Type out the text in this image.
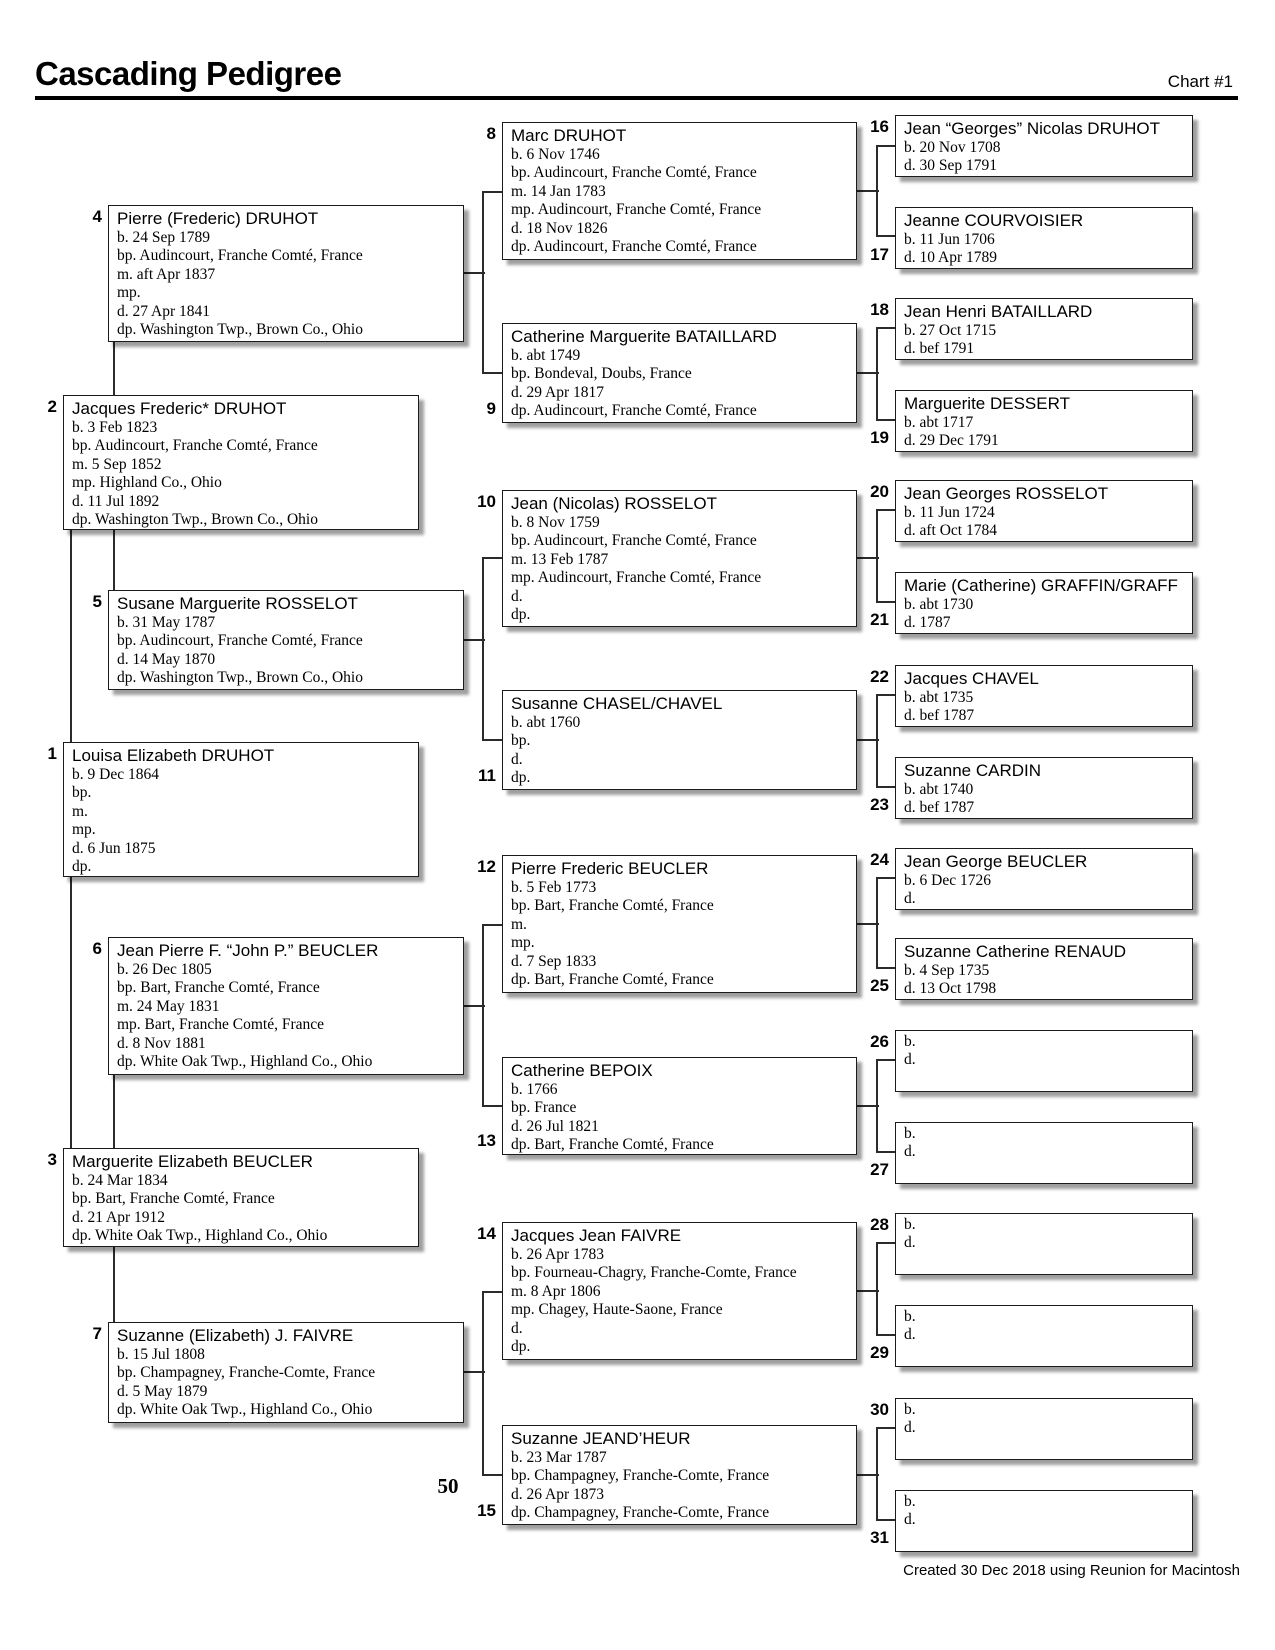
Cascading Pedigree	Chart #1
1 Louisa Elizabeth DRUHOT
b. 9 Dec 1864
bp.
m.
mp.
d. 6 Jun 1875
dp.
2 Jacques Frederic* DRUHOT
b. 3 Feb 1823
bp. Audincourt, Franche Comté, France
m. 5 Sep 1852
mp. Highland Co., Ohio
d. 11 Jul 1892
dp. Washington Twp., Brown Co., Ohio
3 Marguerite Elizabeth BEUCLER
b. 24 Mar 1834
bp. Bart, Franche Comté, France
d. 21 Apr 1912
dp. White Oak Twp., Highland Co., Ohio
4 Pierre (Frederic) DRUHOT
b. 24 Sep 1789
bp. Audincourt, Franche Comté, France
m. aft Apr 1837
mp.
d. 27 Apr 1841
dp. Washington Twp., Brown Co., Ohio
5 Susane Marguerite ROSSELOT
b. 31 May 1787
bp. Audincourt, Franche Comté, France
d. 14 May 1870
dp. Washington Twp., Brown Co., Ohio
6 Jean Pierre F. “John P.” BEUCLER
b. 26 Dec 1805
bp. Bart, Franche Comté, France
m. 24 May 1831
mp. Bart, Franche Comté, France
d. 8 Nov 1881
dp. White Oak Twp., Highland Co., Ohio
7 Suzanne (Elizabeth) J. FAIVRE
b. 15 Jul 1808
bp. Champagney, Franche-Comte, France
d. 5 May 1879
dp. White Oak Twp., Highland Co., Ohio
8 Marc DRUHOT
b. 6 Nov 1746
bp. Audincourt, Franche Comté, France
m. 14 Jan 1783
mp. Audincourt, Franche Comté, France
d. 18 Nov 1826
dp. Audincourt, Franche Comté, France
9
Catherine Marguerite BATAILLARD
b. abt 1749
bp. Bondeval, Doubs, France
d. 29 Apr 1817
dp. Audincourt, Franche Comté, France
10 Jean (Nicolas) ROSSELOT
b. 8 Nov 1759
bp. Audincourt, Franche Comté, France
m. 13 Feb 1787
mp. Audincourt, Franche Comté, France
d.
dp.
11
Susanne CHASEL/CHAVEL
b. abt 1760
bp.
d.
dp.
12 Pierre Frederic BEUCLER
b. 5 Feb 1773
bp. Bart, Franche Comté, France
m.
mp.
d. 7 Sep 1833
dp. Bart, Franche Comté, France
13
Catherine BEPOIX
b. 1766
bp. France
d. 26 Jul 1821
dp. Bart, Franche Comté, France
14 Jacques Jean FAIVRE
b. 26 Apr 1783
bp. Fourneau-Chagry, Franche-Comte, France
m. 8 Apr 1806
mp. Chagey, Haute-Saone, France
d.
dp.
15
Suzanne JEAND’HEUR
b. 23 Mar 1787
bp. Champagney, Franche-Comte, France
d. 26 Apr 1873
dp. Champagney, Franche-Comte, France
16 Jean “Georges” Nicolas DRUHOT
b. 20 Nov 1708
d. 30 Sep 1791
17
Jeanne COURVOISIER
b. 11 Jun 1706
d. 10 Apr 1789
18 Jean Henri BATAILLARD
b. 27 Oct 1715
d. bef 1791
19
Marguerite DESSERT
b. abt 1717
d. 29 Dec 1791
20 Jean Georges ROSSELOT
b. 11 Jun 1724
d. aft Oct 1784
21
Marie (Catherine) GRAFFIN/GRAFF
b. abt 1730
d. 1787
22 Jacques CHAVEL
b. abt 1735
d. bef 1787
23
Suzanne CARDIN
b. abt 1740
d. bef 1787
24 Jean George BEUCLER
b. 6 Dec 1726
d.
25
Suzanne Catherine RENAUD
b. 4 Sep 1735
d. 13 Oct 1798
26 b.
d.
27
b.
d.
28 b.
d.
29
b.
d.
30 b.
d.
31
b.
d.
50
Created 30 Dec 2018 using Reunion for Macintosh
